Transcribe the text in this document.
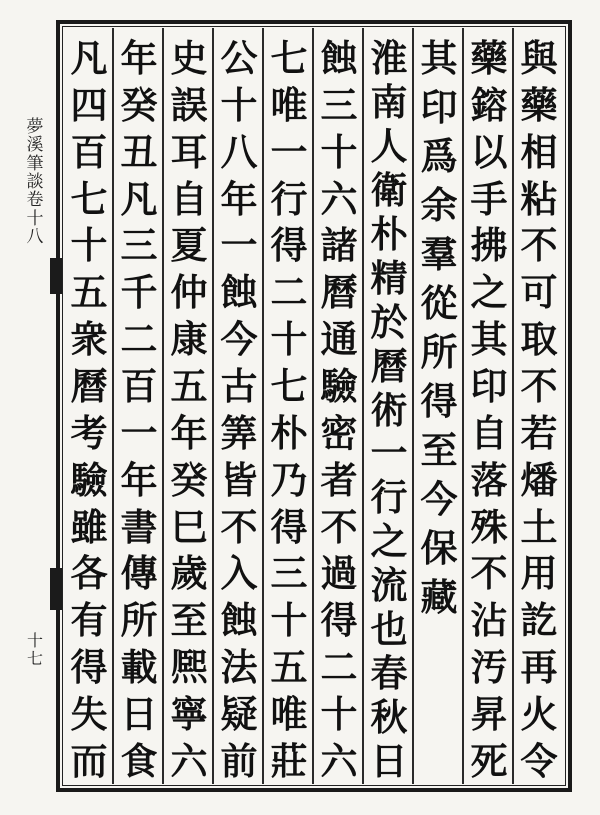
夢
溪
筆
談
卷
十
八
十
七
與
藥
相
粘
不
可
取
不
若
燔
土
用
訖
再
火
令
藥
鎔
以
手
拂
之
其
印
自
落
殊
不
沾
汚
昇
死
其
印
爲
余
羣
從
所
得
至
今
保
藏
淮
南
人
衛
朴
精
於
曆
術
一
行
之
流
也
春
秋
日
蝕
三
十
六
諸
曆
通
驗
密
者
不
過
得
二
十
六
七
唯
一
行
得
二
十
七
朴
乃
得
三
十
五
唯
莊
公
十
八
年
一
蝕
今
古
筭
皆
不
入
蝕
法
疑
前
史
誤
耳
自
夏
仲
康
五
年
癸
巳
歲
至
熈
寧
六
年
癸
丑
凡
三
千
二
百
一
年
書
傳
所
載
日
食
凡
四
百
七
十
五
衆
曆
考
驗
雖
各
有
得
失
而
